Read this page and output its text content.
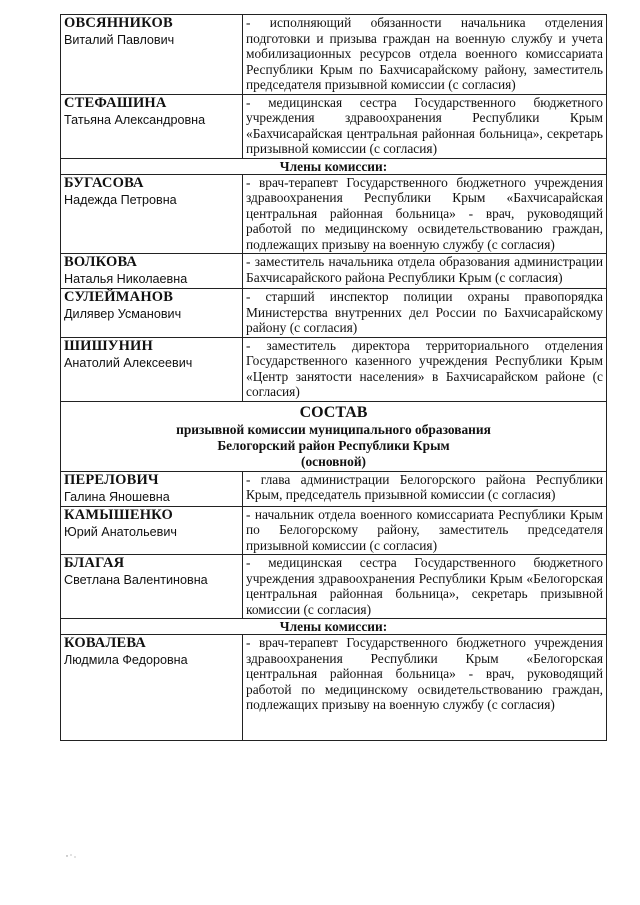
ОВСЯННИКОВ
Виталий Павлович	- исполняющий обязанности начальника отделения подготовки и призыва граждан на военную службу и учета мобилизационных ресурсов отдела военного комиссариата Республики Крым по Бахчисарайскому району, заместитель председателя призывной комиссии (с согласия)

СТЕФАШИНА
Татьяна Александровна	- медицинская сестра Государственного бюджетного учреждения здравоохранения Республики Крым «Бахчисарайская центральная районная больница», секретарь призывной комиссии (с согласия)
Члены комиссии:	

БУГАСОВА
Надежда Петровна	- врач-терапевт Государственного бюджетного учреждения здравоохранения Республики Крым «Бахчисарайская центральная районная больница» - врач, руководящий работой по медицинскому освидетельствованию граждан, подлежащих призыву на военную службу (с согласия)

ВОЛКОВА
Наталья Николаевна	- заместитель начальника отдела образования администрации Бахчисарайского района Республики Крым (с согласия)

СУЛЕЙМАНОВ
Дилявер Усманович	- старший инспектор полиции охраны правопорядка Министерства внутренних дел России по Бахчисарайскому району (с согласия)

ШИШУНИН
Анатолий Алексеевич	- заместитель директора территориального отделения Государственного казенного учреждения Республики Крым «Центр занятости населения» в Бахчисарайском районе (с согласия)

СОСТАВ
призывной комиссии муниципального образования
Белогорский район Республики Крым
(основной)	

ПЕРЕЛОВИЧ
Галина Яношевна	- глава администрации Белогорского района Республики Крым, председатель призывной комиссии (с согласия)

КАМЫШЕНКО
Юрий Анатольевич	- начальник отдела военного комиссариата Республики Крым по Белогорскому району, заместитель председателя призывной комиссии (с согласия)

БЛАГАЯ
Светлана Валентиновна	- медицинская сестра Государственного бюджетного учреждения здравоохранения Республики Крым «Белогорская центральная районная больница», секретарь призывной комиссии (с согласия)
Члены комиссии:	

КОВАЛЕВА
Людмила Федоровна	- врач-терапевт Государственного бюджетного учреждения здравоохранения Республики Крым «Белогорская центральная районная больница» - врач, руководящий работой по медицинскому освидетельствованию граждан, подлежащих призыву на военную службу (с согласия)
